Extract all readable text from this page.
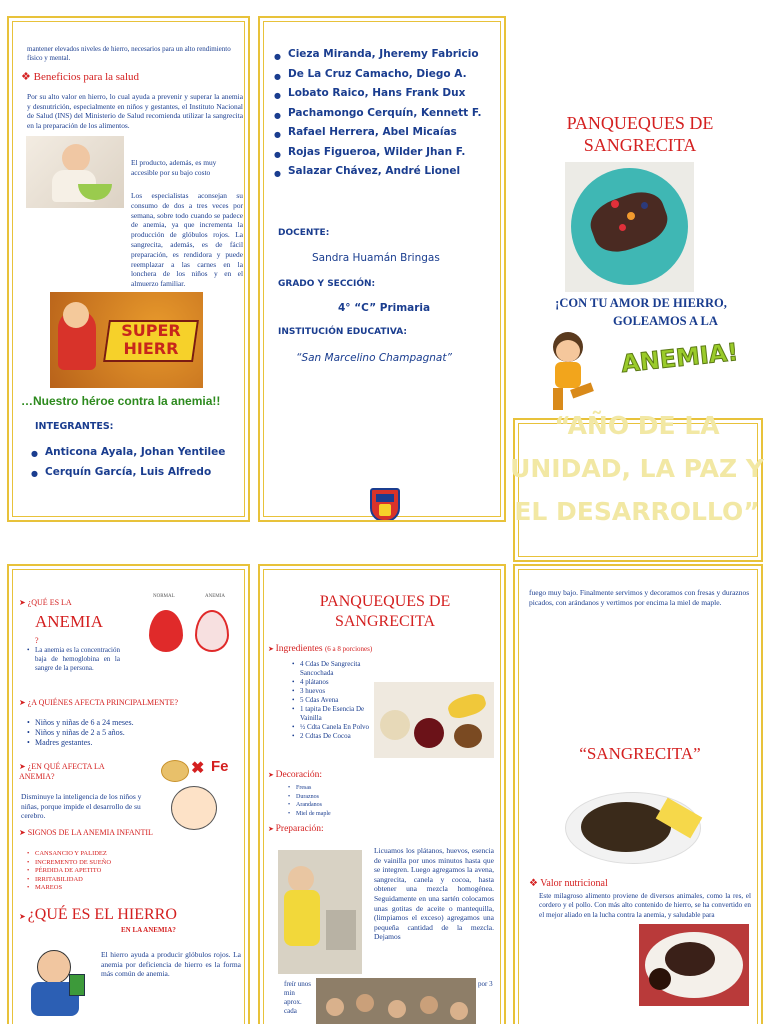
mantener elevados niveles de hierro, necesarios para un alto rendimiento físico y mental.

❖ Beneficios para la salud

Por su alto valor en hierro, lo cual ayuda a prevenir y superar la anemia y desnutrición, especialmente en niños y gestantes, el Instituto Nacional de Salud (INS) del Ministerio de Salud recomienda utilizar la sangrecita en la preparación de los alimentos.

El producto, además, es muy accesible por su bajo costo

Los especialistas aconsejan su consumo de dos a tres veces por semana, sobre todo cuando se padece de anemia, ya que incrementa la producción de glóbulos rojos. La sangrecita, además, es de fácil preparación, es rendidora y puede reemplazar a las carnes en la lonchera de los niños y en el almuerzo familiar.

SUPER HIERR
…Nuestro héroe contra la anemia!!
INTEGRANTES:
● Anticona Ayala, Johan Yentilee
● Cerquín García, Luis Alfredo
● Cieza Miranda, Jheremy Fabricio
● De La Cruz Camacho, Diego A.
● Lobato Raico, Hans Frank Dux
● Pachamongo Cerquín, Kennett F.
● Rafael Herrera, Abel Micaías
● Rojas Figueroa, Wilder Jhan F.
● Salazar Chávez, André Lionel
DOCENTE:
Sandra Huamán Bringas
GRADO Y SECCIÓN:
4° “C” Primaria
INSTITUCIÓN EDUCATIVA:
“San Marcelino Champagnat”
PANQUEQUES DE SANGRECITA
¡CON TU AMOR DE HIERRO,
GOLEAMOS A LA
ANEMIA!
“AÑO DE LA UNIDAD, LA PAZ Y EL DESARROLLO”
➤ ¿QUÉ ES LA
ANEMIA
?
• La anemia es la concentración baja de hemoglobina en la sangre de la persona.
NORMAL	ANEMIA
➤ ¿A QUIÉNES AFECTA PRINCIPALMENTE?
• Niños y niñas de 6 a 24 meses.
• Niños y niñas de 2 a 5 años.
• Madres gestantes.
➤ ¿EN QUÉ AFECTA LA ANEMIA?	✖ Fe

Disminuye la inteligencia de los niños y niñas, porque impide el desarrollo de su cerebro.

➤ SIGNOS DE LA ANEMIA INFANTIL
• CANSANCIO Y PALIDEZ
• INCREMENTO DE SUEÑO
• PÉRDIDA DE APETITO
• IRRITABILIDAD
• MAREOS
➤ ¿QUÉ ES EL HIERRO
EN LA ANEMIA?

El hierro ayuda a producir glóbulos rojos. La anemia por deficiencia de hierro es la forma más común de anemia.

PANQUEQUES DE SANGRECITA
➤ Ingredientes (6 a 8 porciones)
• 4 Cdas De Sangrecita Sancochada
• 4 plátanos
• 3 huevos
• 5 Cdas Avena
• 1 tapita De Esencia De Vainilla
• ½ Cdta Canela En Polvo
• 2 Cdtas De Cocoa
➤ Decoración:
• Fresas
• Duraznos
• Arandanos
• Miel de maple
➤ Preparación:

Licuamos los plátanos, huevos, esencia de vainilla por unos minutos hasta que se integren. Luego agregamos la avena, sangrecita, canela y cocoa, hasta obtener una mezcla homogénea. Seguidamente en una sartén colocamos unas gotitas de aceite o mantequilla, (limpiamos el exceso) agregamos una pequeña cantidad de la mezcla. Dejamos

freír unos min aprox. cada

por 3

fuego muy bajo. Finalmente servimos y decoramos con fresas y duraznos picados, con arándanos y vertimos por encima la miel de maple.

“SANGRECITA”
❖ Valor nutricional

Este milagroso alimento proviene de diversos animales, como la res, el cordero y el pollo. Con más alto contenido de hierro, se ha convertido en el mejor aliado en la lucha contra la anemia, y saludable para
